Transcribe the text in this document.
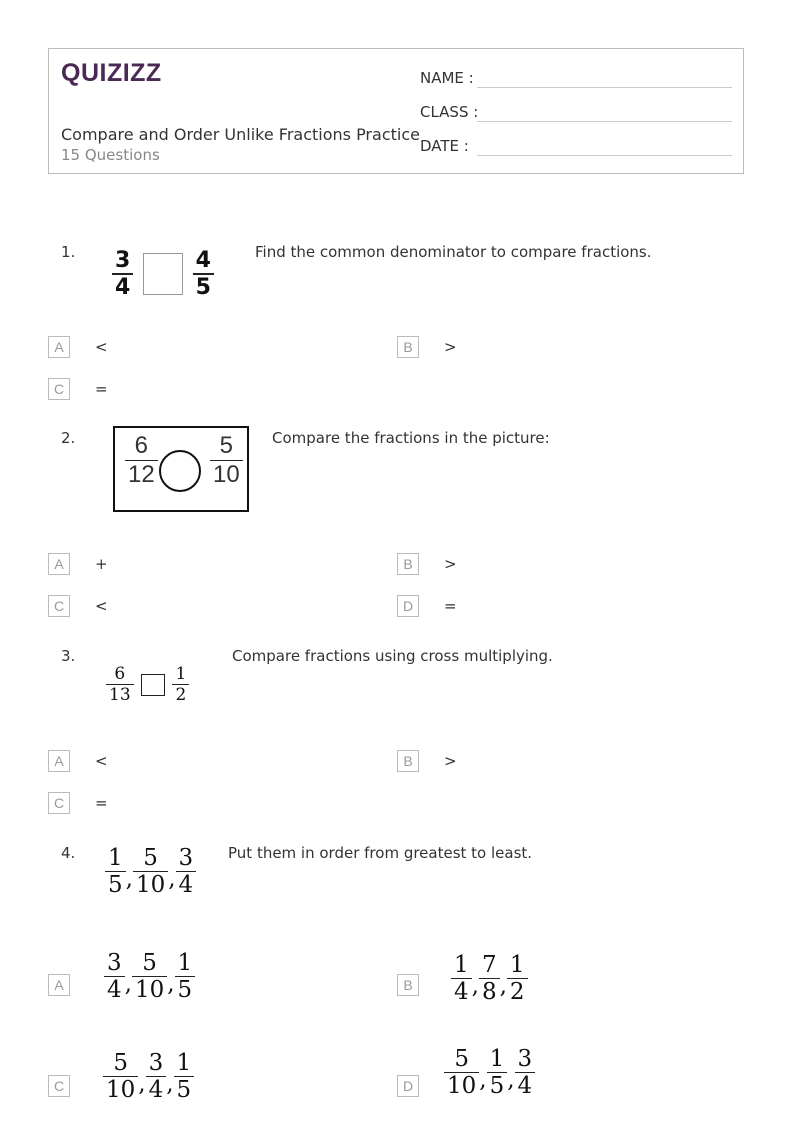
QUIZIZZ
Compare and Order Unlike Fractions Practice
15 Questions
NAME :
CLASS :
DATE :
1. $\frac{3}{4}$
	$\frac{4}{5}$	Find the common denominator to compare fractions.
A	<	B	>
C	=
2. $\frac{6}{12} \frac{5}{10}$ Compare the fractions in the picture:
A	+	B	>
C	<	D	=
3.
$\frac{6}{13}$
$\frac{1}{2}$
Compare fractions using cross multiplying.
A	<	B	>
C	=
4. $\frac{1}{5}$ , $\frac{5}{10}$ , $\frac{3}{4}$ Put them in order from greatest to least.
A $\frac{3}{4}$ , $\frac{5}{10}$ , $\frac{1}{5}$	B $\frac{1}{4}$ , $\frac{7}{8}$ , $\frac{1}{2}$
C $\frac{5}{10}$ , $\frac{3}{4}$ , $\frac{1}{5}$	D $\frac{5}{10}$ , $\frac{1}{5}$ , $\frac{3}{4}$
